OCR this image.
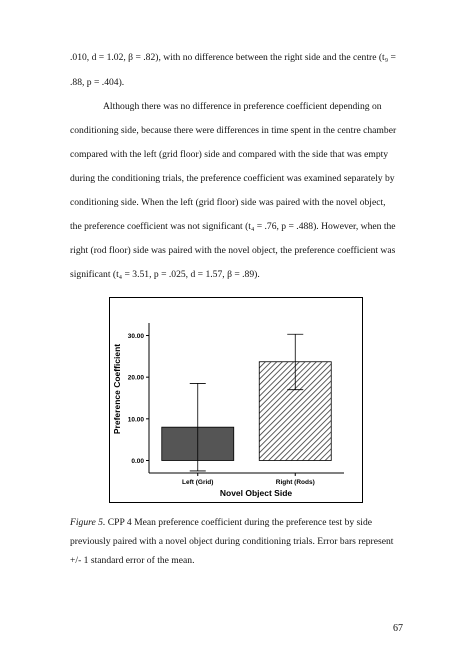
.010, d = 1.02, β = .82), with no difference between the right side and the centre (t₉ =
.88, p = .404).
Although there was no difference in preference coefficient depending on
conditioning side, because there were differences in time spent in the centre chamber
compared with the left (grid floor) side and compared with the side that was empty
during the conditioning trials, the preference coefficient was examined separately by
conditioning side. When the left (grid floor) side was paired with the novel object,
the preference coefficient was not significant (t₄ = .76, p = .488). However, when the
right (rod floor) side was paired with the novel object, the preference coefficient was
significant (t₄ = 3.51, p = .025, d = 1.57, β = .89).
0.00
10.00
20.00
30.00
Left (Grid)	Right (Rods)
Novel Object Side
Preference Coefficient
Figure 5. CPP 4 Mean preference coefficient during the preference test by side
previously paired with a novel object during conditioning trials. Error bars represent
+/- 1 standard error of the mean.
67
